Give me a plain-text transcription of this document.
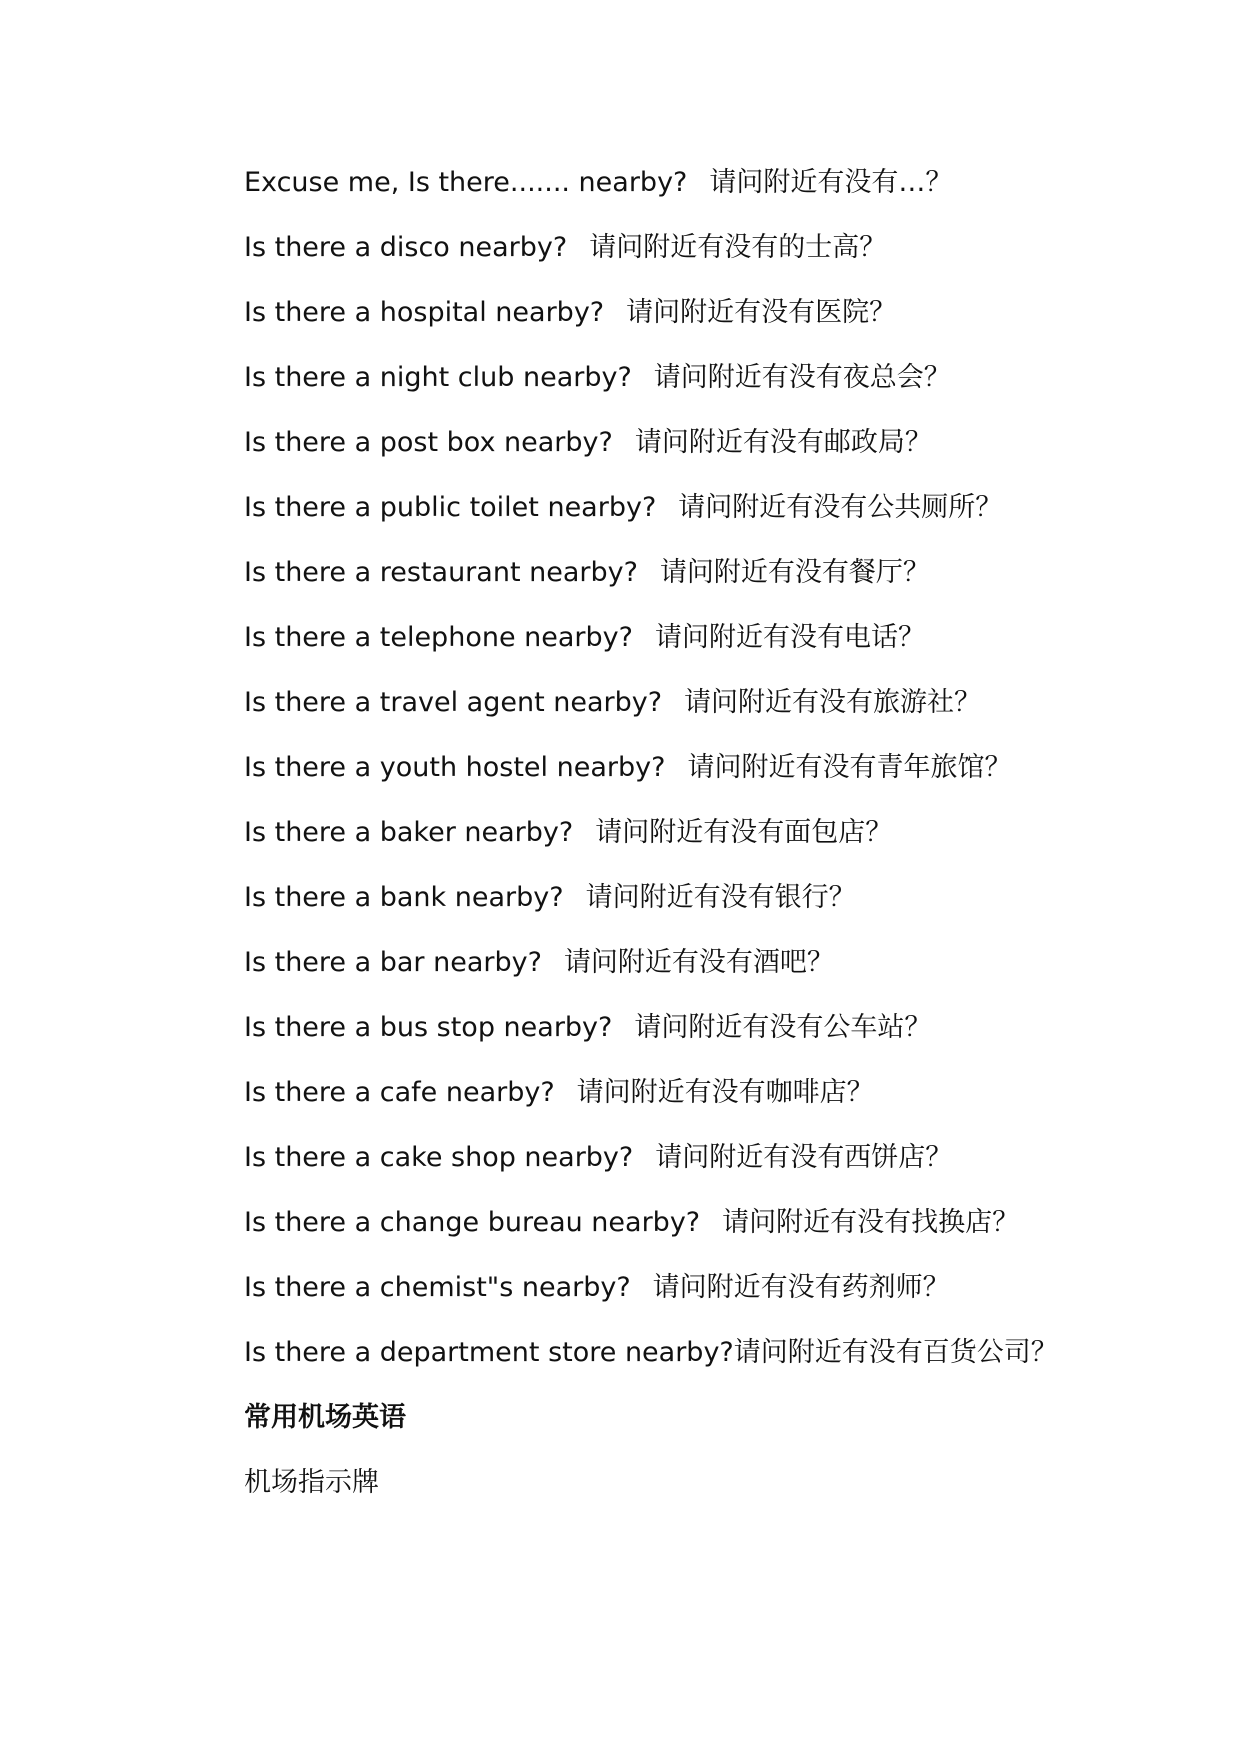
Excuse me, Is there....... nearby? 请问附近有没有…？

Is there a disco nearby? 请问附近有没有的士高？

Is there a hospital nearby? 请问附近有没有医院？

Is there a night club nearby? 请问附近有没有夜总会？

Is there a post box nearby? 请问附近有没有邮政局？

Is there a public toilet nearby? 请问附近有没有公共厕所？

Is there a restaurant nearby? 请问附近有没有餐厅？

Is there a telephone nearby? 请问附近有没有电话？

Is there a travel agent nearby? 请问附近有没有旅游社？

Is there a youth hostel nearby? 请问附近有没有青年旅馆？

Is there a baker nearby? 请问附近有没有面包店？

Is there a bank nearby? 请问附近有没有银行？

Is there a bar nearby? 请问附近有没有酒吧？

Is there a bus stop nearby? 请问附近有没有公车站？

Is there a cafe nearby? 请问附近有没有咖啡店？

Is there a cake shop nearby? 请问附近有没有西饼店？

Is there a change bureau nearby? 请问附近有没有找换店？

Is there a chemist"s nearby? 请问附近有没有药剂师？

Is there a department store nearby?请问附近有没有百货公司？

常用机场英语

机场指示牌
